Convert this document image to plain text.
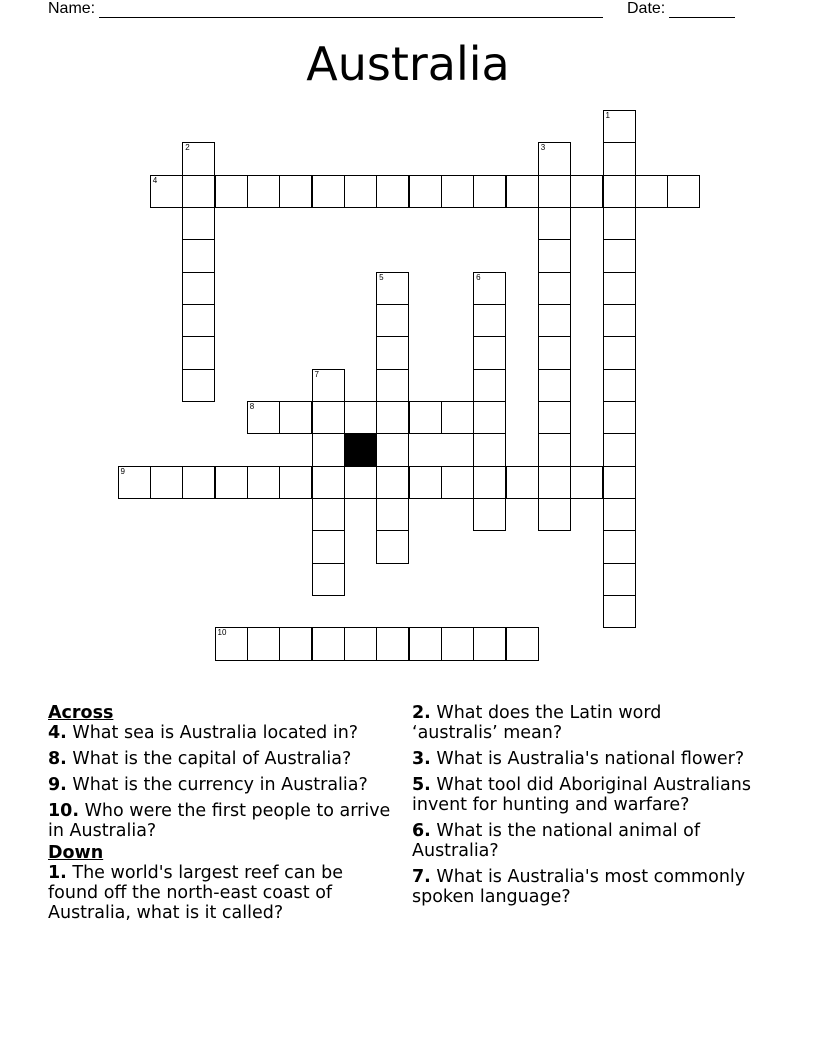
Name:	Date:
Australia
4
8
9
10
1
2	3
5	6
7
Across
4. What sea is Australia located in?
8. What is the capital of Australia?
9. What is the currency in Australia?
10. Who were the first people to arrive in Australia?
Down
1. The world's largest reef can be found off the north-east coast of Australia, what is it called?
2. What does the Latin word ‘australis’ mean?
3. What is Australia's national flower?
5. What tool did Aboriginal Australians invent for hunting and warfare?
6. What is the national animal of Australia?
7. What is Australia's most commonly spoken language?
